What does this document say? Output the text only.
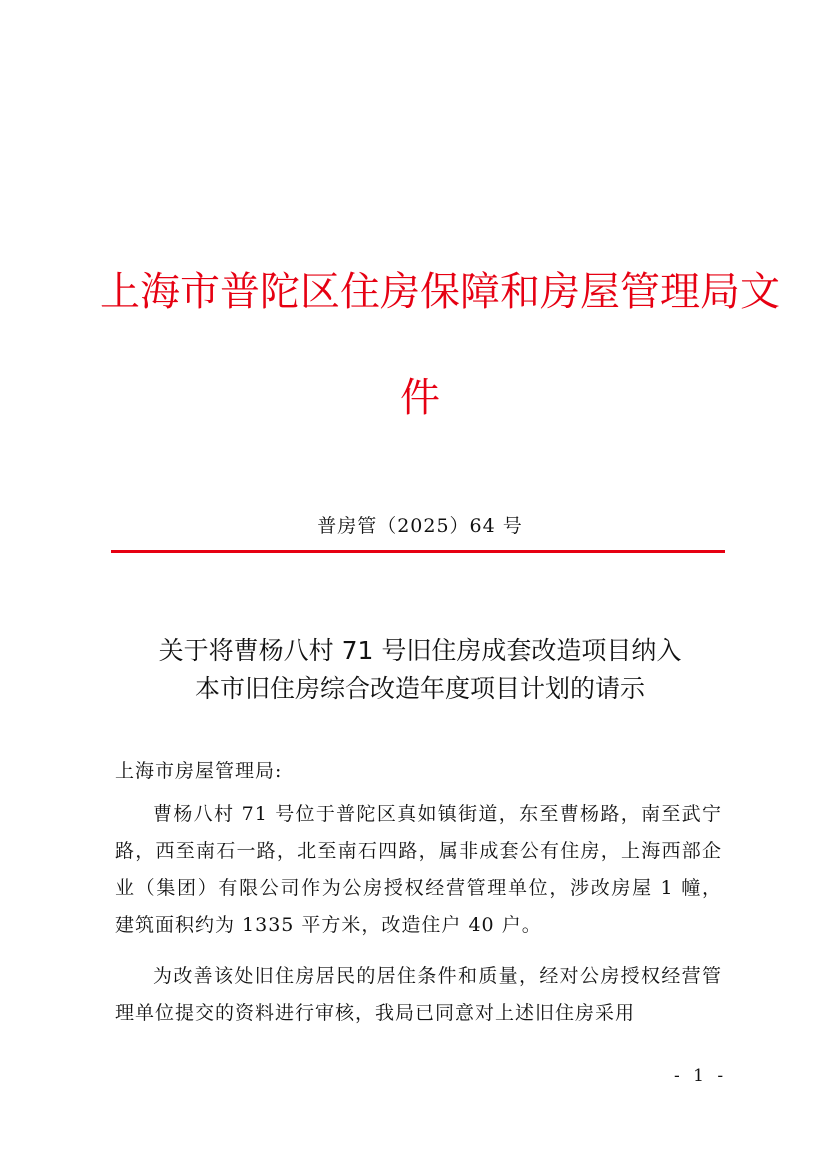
上海市普陀区住房保障和房屋管理局文
件
普房管（2025）64 号
关于将曹杨八村 71 号旧住房成套改造项目纳入
本市旧住房综合改造年度项目计划的请示
上海市房屋管理局:

曹杨八村 71 号位于普陀区真如镇街道，东至曹杨路，南至武宁路，西至南石一路，北至南石四路，属非成套公有住房，上海西部企业（集团）有限公司作为公房授权经营管理单位，涉改房屋 1 幢，建筑面积约为 1335 平方米，改造住户 40 户。

为改善该处旧住房居民的居住条件和质量，经对公房授权经营管理单位提交的资料进行审核，我局已同意对上述旧住房采用

- 1 -
